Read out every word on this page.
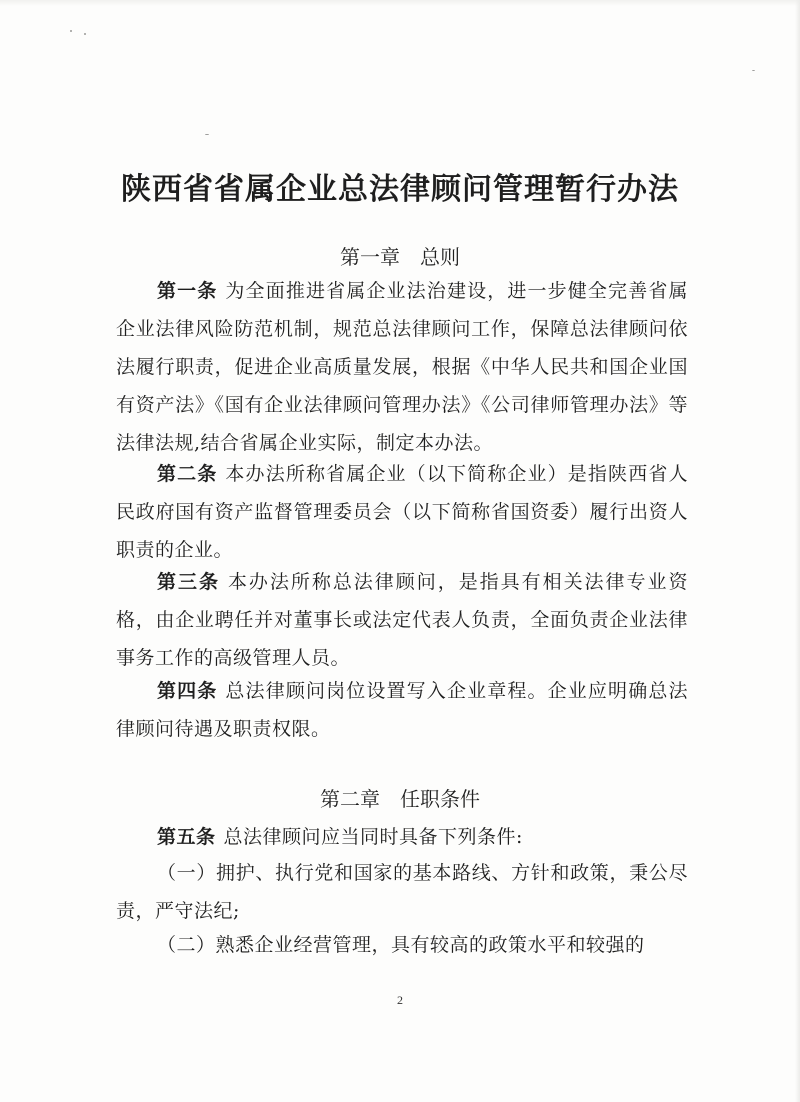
陕西省省属企业总法律顾问管理暂行办法
第一章 总则
第一条 为全面推进省属企业法治建设，进一步健全完善省属企业法律风险防范机制，规范总法律顾问工作，保障总法律顾问依法履行职责，促进企业高质量发展，根据《中华人民共和国企业国有资产法》《国有企业法律顾问管理办法》《公司律师管理办法》等法律法规,结合省属企业实际，制定本办法。
第二条 本办法所称省属企业（以下简称企业）是指陕西省人民政府国有资产监督管理委员会（以下简称省国资委）履行出资人职责的企业。
第三条 本办法所称总法律顾问，是指具有相关法律专业资格，由企业聘任并对董事长或法定代表人负责，全面负责企业法律事务工作的高级管理人员。
第四条 总法律顾问岗位设置写入企业章程。企业应明确总法律顾问待遇及职责权限。
第二章 任职条件
第五条 总法律顾问应当同时具备下列条件:
（一）拥护、执行党和国家的基本路线、方针和政策，秉公尽责，严守法纪;
（二）熟悉企业经营管理，具有较高的政策水平和较强的
2
